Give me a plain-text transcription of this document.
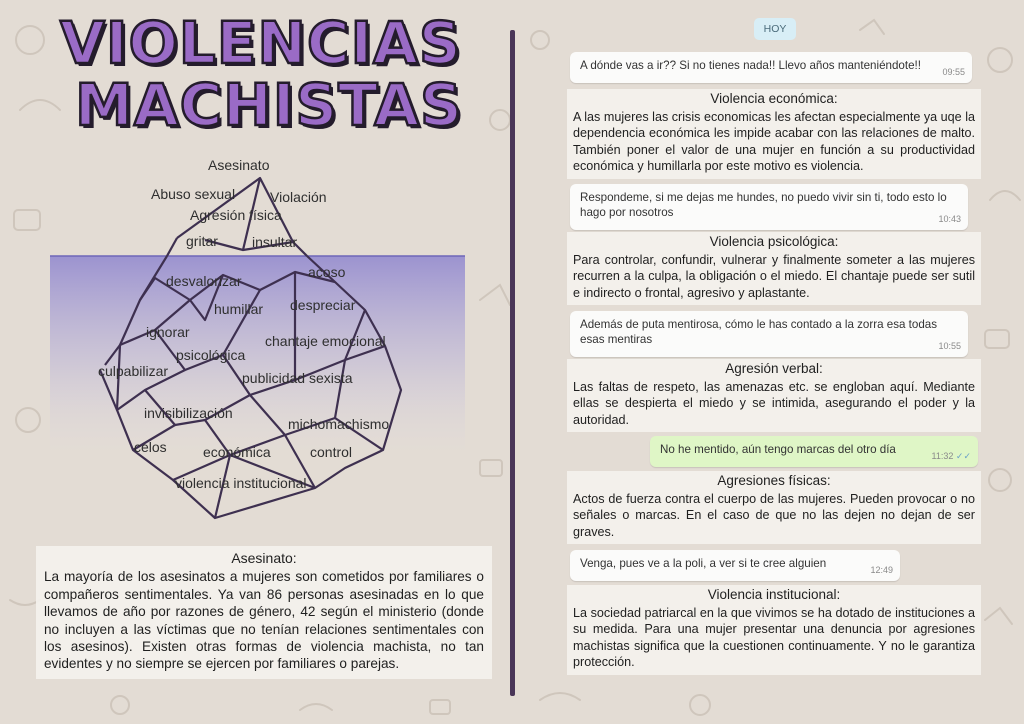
VIOLENCIAS
MACHISTAS
Asesinato
Abuso sexual Violación
Agresión física
gritar insultar
acoso
desvalorizar
humillar despreciar
ignorar
chantaje emocional
psicológica
culpabilizar	publicidad sexista
invisibilización
michomachismo
celos	económica	control
violencia institucional
Asesinato:
La mayoría de los asesinatos a mujeres son cometidos por familiares o compañeros sentimentales. Ya van 86 personas asesinadas en lo que llevamos de año por razones de género, 42 según el ministerio (donde no incluyen a las víctimas que no tenían relaciones sentimentales con los asesinos). Existen otras formas de violencia machista, no tan evidentes y no siempre se ejercen por familiares o parejas.
HOY
A dónde vas a ir?? Si no tienes nada!! Llevo años manteniéndote!! 09:55
Violencia económica:
A las mujeres las crisis economicas les afectan especialmente ya uqe la dependencia económica les impide acabar con las relaciones de malto. También poner el valor de una mujer en función a su productividad económica y humillarla por este motivo es violencia.
Respondeme, si me dejas me hundes, no puedo vivir sin ti, todo esto lo hago por nosotros	10:43
Violencia psicológica:
Para controlar, confundir, vulnerar y finalmente someter a las mujeres recurren a la culpa, la obligación o el miedo. El chantaje puede ser sutil e indirecto o frontal, agresivo y aplastante.
Además de puta mentirosa, cómo le has contado a la zorra esa todas esas mentiras	10:55
Agresión verbal:
Las faltas de respeto, las amenazas etc. se engloban aquí. Mediante ellas se despierta el miedo y se intimida, asegurando el poder y la autoridad.
No he mentido, aún tengo marcas del otro día	11:32 ✓✓
Agresiones físicas:
Actos de fuerza contra el cuerpo de las mujeres. Pueden provocar o no señales o marcas. En el caso de que no las dejen no dejan de ser graves.
Venga, pues ve a la poli, a ver si te cree alguien	12:49
Violencia institucional:
La sociedad patriarcal en la que vivimos se ha dotado de instituciones a su medida. Para una mujer presentar una denuncia por agresiones machistas significa que la cuestionen continuamente. Y no le garantiza protección.
